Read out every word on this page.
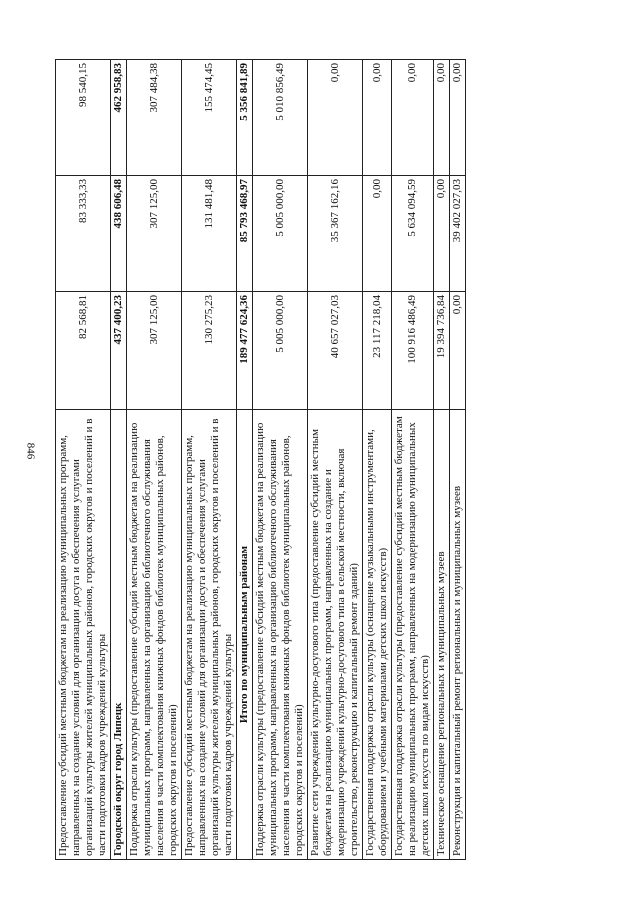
846 Предоставление субсидий местным бюджетам на реализацию муниципальных программ, направленных на создание условий для организации досуга и обеспечения услугами организаций культуры жителей муниципальных районов, городских округов и поселений и в части подготовки кадров учреждений культуры	82 568,81	83 333,33	98 540,15
Городской округ город Липецк	437 400,23	438 606,48	462 958,83
Поддержка отрасли культуры (предоставление субсидий местным бюджетам на реализацию муниципальных программ, направленных на организацию библиотечного обслуживания населения в части комплектования книжных фондов библиотек муниципальных районов, городских округов и поселений)	307 125,00	307 125,00	307 484,38
Предоставление субсидий местным бюджетам на реализацию муниципальных программ, направленных на создание условий для организации досуга и обеспечения услугами организаций культуры жителей муниципальных районов, городских округов и поселений и в части подготовки кадров учреждений культуры	130 275,23	131 481,48	155 474,45
Итого по муниципальным районам	189 477 624,36	85 793 468,97	5 356 841,89
Поддержка отрасли культуры (предоставление субсидий местным бюджетам на реализацию муниципальных программ, направленных на организацию библиотечного обслуживания населения в части комплектования книжных фондов библиотек муниципальных районов, городских округов и поселений)	5 005 000,00	5 005 000,00	5 010 856,49
Развитие сети учреждений культурно-досугового типа (предоставление субсидий местным бюджетам на реализацию муниципальных программ, направленных на создание и модернизацию учреждений культурно-досугового типа в сельской местности, включая строительство, реконструкцию и капитальный ремонт зданий)	40 657 027,03	35 367 162,16	0,00
Государственная поддержка отрасли культуры (оснащение музыкальными инструментами, оборудованием и учебными материалами детских школ искусств)	23 117 218,04	0,00	0,00
Государственная поддержка отрасли культуры (предоставление субсидий местным бюджетам на реализацию муниципальных программ, направленных на модернизацию муниципальных детских школ искусств по видам искусств)	100 916 486,49	5 634 094,59	0,00
Техническое оснащение региональных и муниципальных музеев	19 394 736,84	0,00	0,00
Реконструкция и капитальный ремонт региональных и муниципальных музеев	0,00	39 402 027,03	0,00
